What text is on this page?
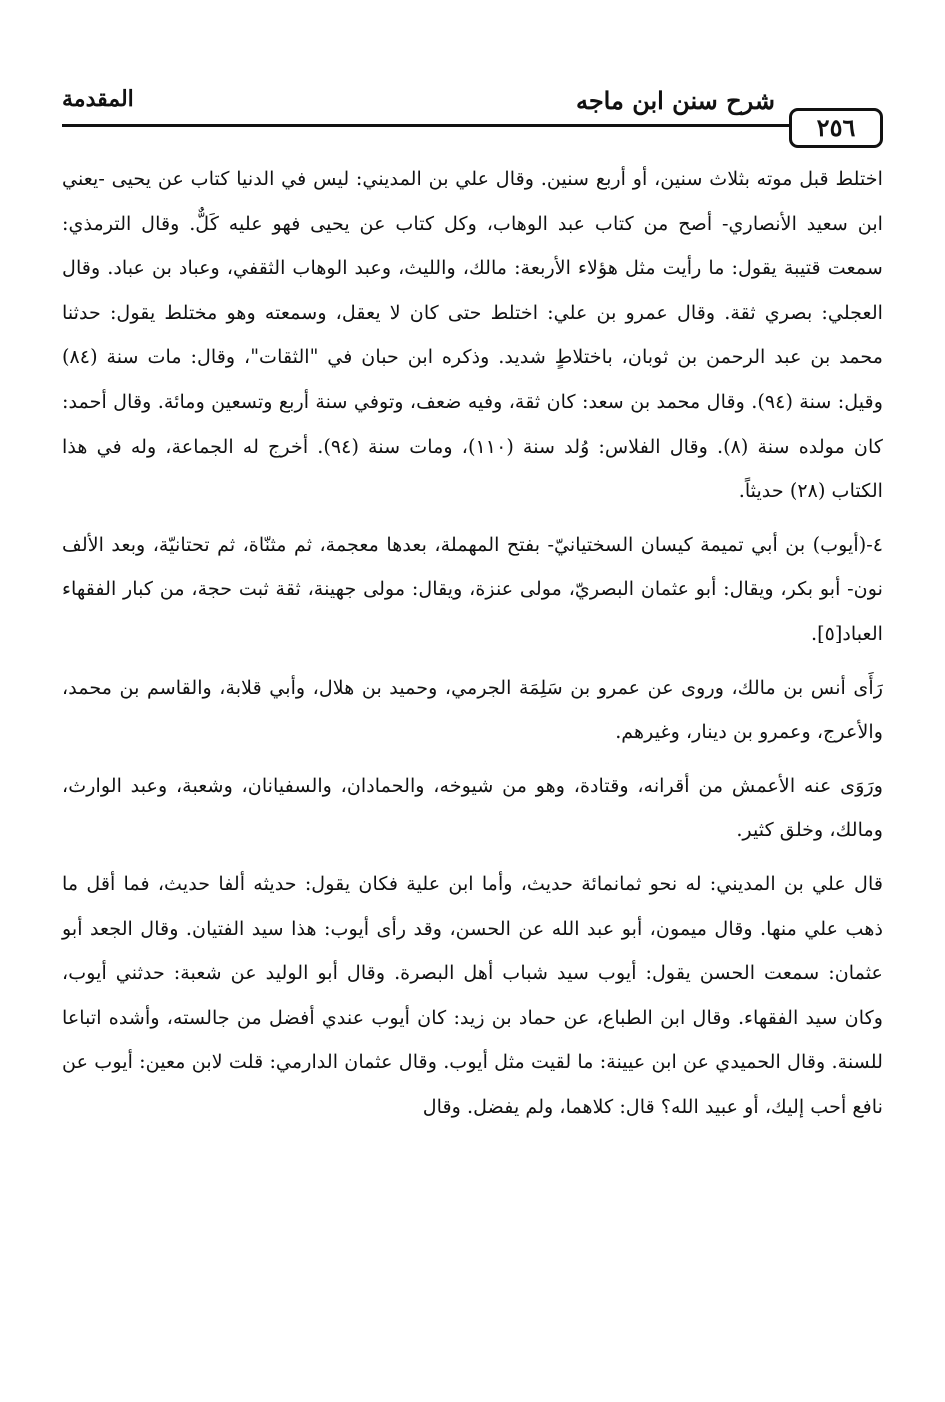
٢٥٦
شرح سنن ابن ماجه
المقدمة

اختلط قبل موته بثلاث سنين، أو أربع سنين. وقال علي بن المديني: ليس في الدنيا كتاب عن يحيى -يعني ابن سعيد الأنصاري- أصح من كتاب عبد الوهاب، وكل كتاب عن يحيى فهو عليه كَلٌّ. وقال الترمذي: سمعت قتيبة يقول: ما رأيت مثل هؤلاء الأربعة: مالك، والليث، وعبد الوهاب الثقفي، وعباد بن عباد. وقال العجلي: بصري ثقة. وقال عمرو بن علي: اختلط حتى كان لا يعقل، وسمعته وهو مختلط يقول: حدثنا محمد بن عبد الرحمن بن ثوبان، باختلاطٍ شديد. وذكره ابن حبان في "الثقات"، وقال: مات سنة (٨٤) وقيل: سنة (٩٤). وقال محمد بن سعد: كان ثقة، وفيه ضعف، وتوفي سنة أربع وتسعين ومائة. وقال أحمد: كان مولده سنة (٨). وقال الفلاس: وُلد سنة (١١٠)، ومات سنة (٩٤). أخرج له الجماعة، وله في هذا الكتاب (٢٨) حديثاً.

٤-(أيوب) بن أبي تميمة كيسان السختيانيّ- بفتح المهملة، بعدها معجمة، ثم مثنّاة، ثم تحتانيّة، وبعد الألف نون- أبو بكر، ويقال: أبو عثمان البصريّ، مولى عنزة، ويقال: مولى جهينة، ثقة ثبت حجة، من كبار الفقهاء العباد[٥].

رَأَى أنس بن مالك، وروى عن عمرو بن سَلِمَة الجرمي، وحميد بن هلال، وأبي قلابة، والقاسم بن محمد، والأعرج، وعمرو بن دينار، وغيرهم.

ورَوَى عنه الأعمش من أقرانه، وقتادة، وهو من شيوخه، والحمادان، والسفيانان، وشعبة، وعبد الوارث، ومالك، وخلق كثير.

قال علي بن المديني: له نحو ثمانمائة حديث، وأما ابن علية فكان يقول: حديثه ألفا حديث، فما أقل ما ذهب علي منها. وقال ميمون، أبو عبد الله عن الحسن، وقد رأى أيوب: هذا سيد الفتيان. وقال الجعد أبو عثمان: سمعت الحسن يقول: أيوب سيد شباب أهل البصرة. وقال أبو الوليد عن شعبة: حدثني أيوب، وكان سيد الفقهاء. وقال ابن الطباع، عن حماد بن زيد: كان أيوب عندي أفضل من جالسته، وأشده اتباعا للسنة. وقال الحميدي عن ابن عيينة: ما لقيت مثل أيوب. وقال عثمان الدارمي: قلت لابن معين: أيوب عن نافع أحب إليك، أو عبيد الله؟ قال: كلاهما، ولم يفضل. وقال
